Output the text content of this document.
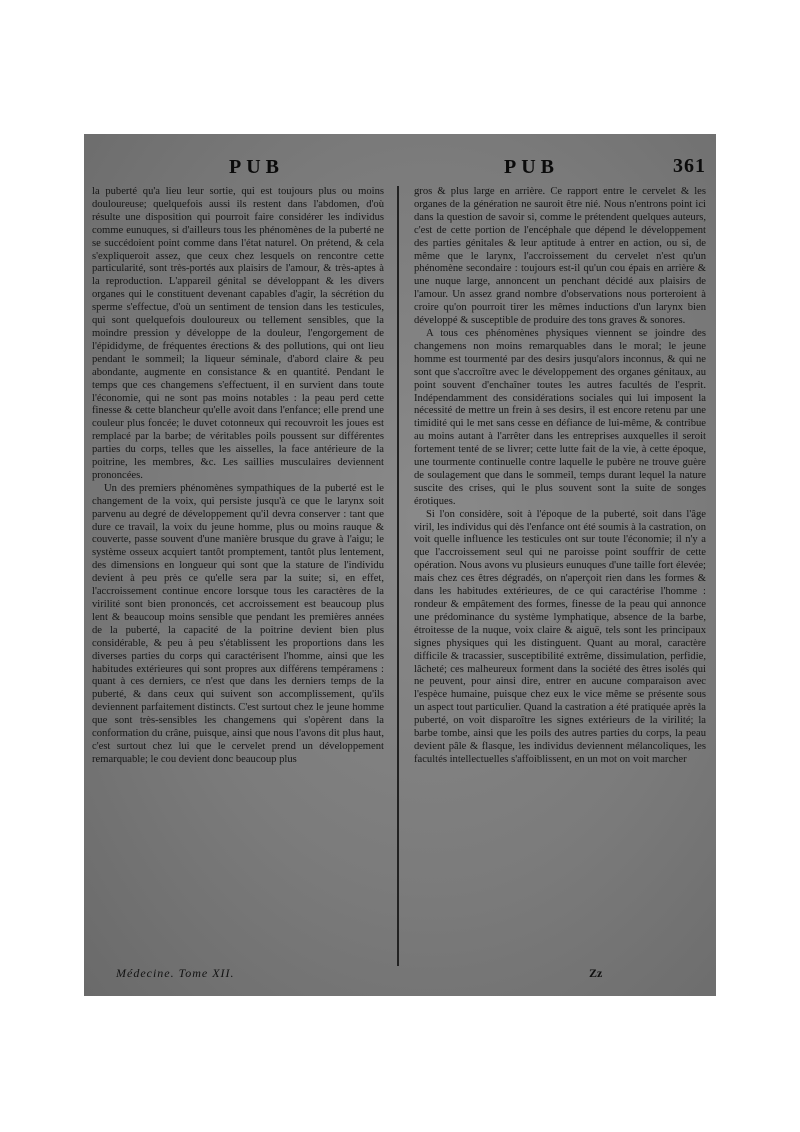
PUB	PUB	361

la puberté qu'a lieu leur sortie, qui est toujours plus ou moins douloureuse; quelquefois aussi ils restent dans l'abdomen, d'où résulte une disposition qui pourroit faire considérer les individus comme eunuques, si d'ailleurs tous les phénomènes de la puberté ne se succédoient point comme dans l'état naturel. On prétend, & cela s'expliqueroit assez, que ceux chez lesquels on rencontre cette particularité, sont très-portés aux plaisirs de l'amour, & très-aptes à la reproduction. L'appareil génital se développant & les divers organes qui le constituent devenant capables d'agir, la sécrétion du sperme s'effectue, d'où un sentiment de tension dans les testicules, qui sont quelquefois douloureux ou tellement sensibles, que la moindre pression y développe de la douleur, l'engorgement de l'épididyme, de fréquentes érections & des pollutions, qui ont lieu pendant le sommeil; la liqueur séminale, d'abord claire & peu abondante, augmente en consistance & en quantité. Pendant le temps que ces changemens s'effectuent, il en survient dans toute l'économie, qui ne sont pas moins notables : la peau perd cette finesse & cette blancheur qu'elle avoit dans l'enfance; elle prend une couleur plus foncée; le duvet cotonneux qui recouvroit les joues est remplacé par la barbe; de véritables poils poussent sur différentes parties du corps, telles que les aisselles, la face antérieure de la poitrine, les membres, &c. Les saillies musculaires deviennent prononcées.

Un des premiers phénomènes sympathiques de la puberté est le changement de la voix, qui persiste jusqu'à ce que le larynx soit parvenu au degré de développement qu'il devra conserver : tant que dure ce travail, la voix du jeune homme, plus ou moins rauque & couverte, passe souvent d'une manière brusque du grave à l'aigu; le système osseux acquiert tantôt promptement, tantôt plus lentement, des dimensions en longueur qui sont que la stature de l'individu devient à peu près ce qu'elle sera par la suite; si, en effet, l'accroissement continue encore lorsque tous les caractères de la virilité sont bien prononcés, cet accroissement est beaucoup plus lent & beaucoup moins sensible que pendant les premières années de la puberté, la capacité de la poitrine devient bien plus considérable, & peu à peu s'établissent les proportions dans les diverses parties du corps qui caractérisent l'homme, ainsi que les habitudes extérieures qui sont propres aux différens tempéramens : quant à ces derniers, ce n'est que dans les derniers temps de la puberté, & dans ceux qui suivent son accomplissement, qu'ils deviennent parfaitement distincts. C'est surtout chez le jeune homme que sont très-sensibles les changemens qui s'opèrent dans la conformation du crâne, puisque, ainsi que nous l'avons dit plus haut, c'est surtout chez lui que le cervelet prend un développement remarquable; le cou devient donc beaucoup plus

gros & plus large en arrière. Ce rapport entre le cervelet & les organes de la génération ne sauroit être nié. Nous n'entrons point ici dans la question de savoir si, comme le prétendent quelques auteurs, c'est de cette portion de l'encéphale que dépend le développement des parties génitales & leur aptitude à entrer en action, ou si, de même que le larynx, l'accroissement du cervelet n'est qu'un phénomène secondaire : toujours est-il qu'un cou épais en arrière & une nuque large, annoncent un penchant décidé aux plaisirs de l'amour. Un assez grand nombre d'observations nous porteroient à croire qu'on pourroit tirer les mêmes inductions d'un larynx bien développé & susceptible de produire des tons graves & sonores.

A tous ces phénomènes physiques viennent se joindre des changemens non moins remarquables dans le moral; le jeune homme est tourmenté par des desirs jusqu'alors inconnus, & qui ne sont que s'accroître avec le développement des organes génitaux, au point souvent d'enchaîner toutes les autres facultés de l'esprit. Indépendamment des considérations sociales qui lui imposent la nécessité de mettre un frein à ses desirs, il est encore retenu par une timidité qui le met sans cesse en défiance de lui-même, & contribue au moins autant à l'arrêter dans les entreprises auxquelles il seroit fortement tenté de se livrer; cette lutte fait de la vie, à cette époque, une tourmente continuelle contre laquelle le pubère ne trouve guère de soulagement que dans le sommeil, temps durant lequel la nature suscite des crises, qui le plus souvent sont la suite de songes érotiques.

Si l'on considère, soit à l'époque de la puberté, soit dans l'âge viril, les individus qui dès l'enfance ont été soumis à la castration, on voit quelle influence les testicules ont sur toute l'économie; il n'y a que l'accroissement seul qui ne paroisse point souffrir de cette opération. Nous avons vu plusieurs eunuques d'une taille fort élevée; mais chez ces êtres dégradés, on n'aperçoit rien dans les formes & dans les habitudes extérieures, de ce qui caractérise l'homme : rondeur & empâtement des formes, finesse de la peau qui annonce une prédominance du système lymphatique, absence de la barbe, étroitesse de la nuque, voix claire & aiguë, tels sont les principaux signes physiques qui les distinguent. Quant au moral, caractère difficile & tracassier, susceptibilité extrême, dissimulation, perfidie, lâcheté; ces malheureux forment dans la société des êtres isolés qui ne peuvent, pour ainsi dire, entrer en aucune comparaison avec l'espèce humaine, puisque chez eux le vice même se présente sous un aspect tout particulier. Quand la castration a été pratiquée après la puberté, on voit disparoître les signes extérieurs de la virilité; la barbe tombe, ainsi que les poils des autres parties du corps, la peau devient pâle & flasque, les individus deviennent mélancoliques, les facultés intellectuelles s'affoiblissent, en un mot on voit marcher

Médecine. Tome XII.	Zz
